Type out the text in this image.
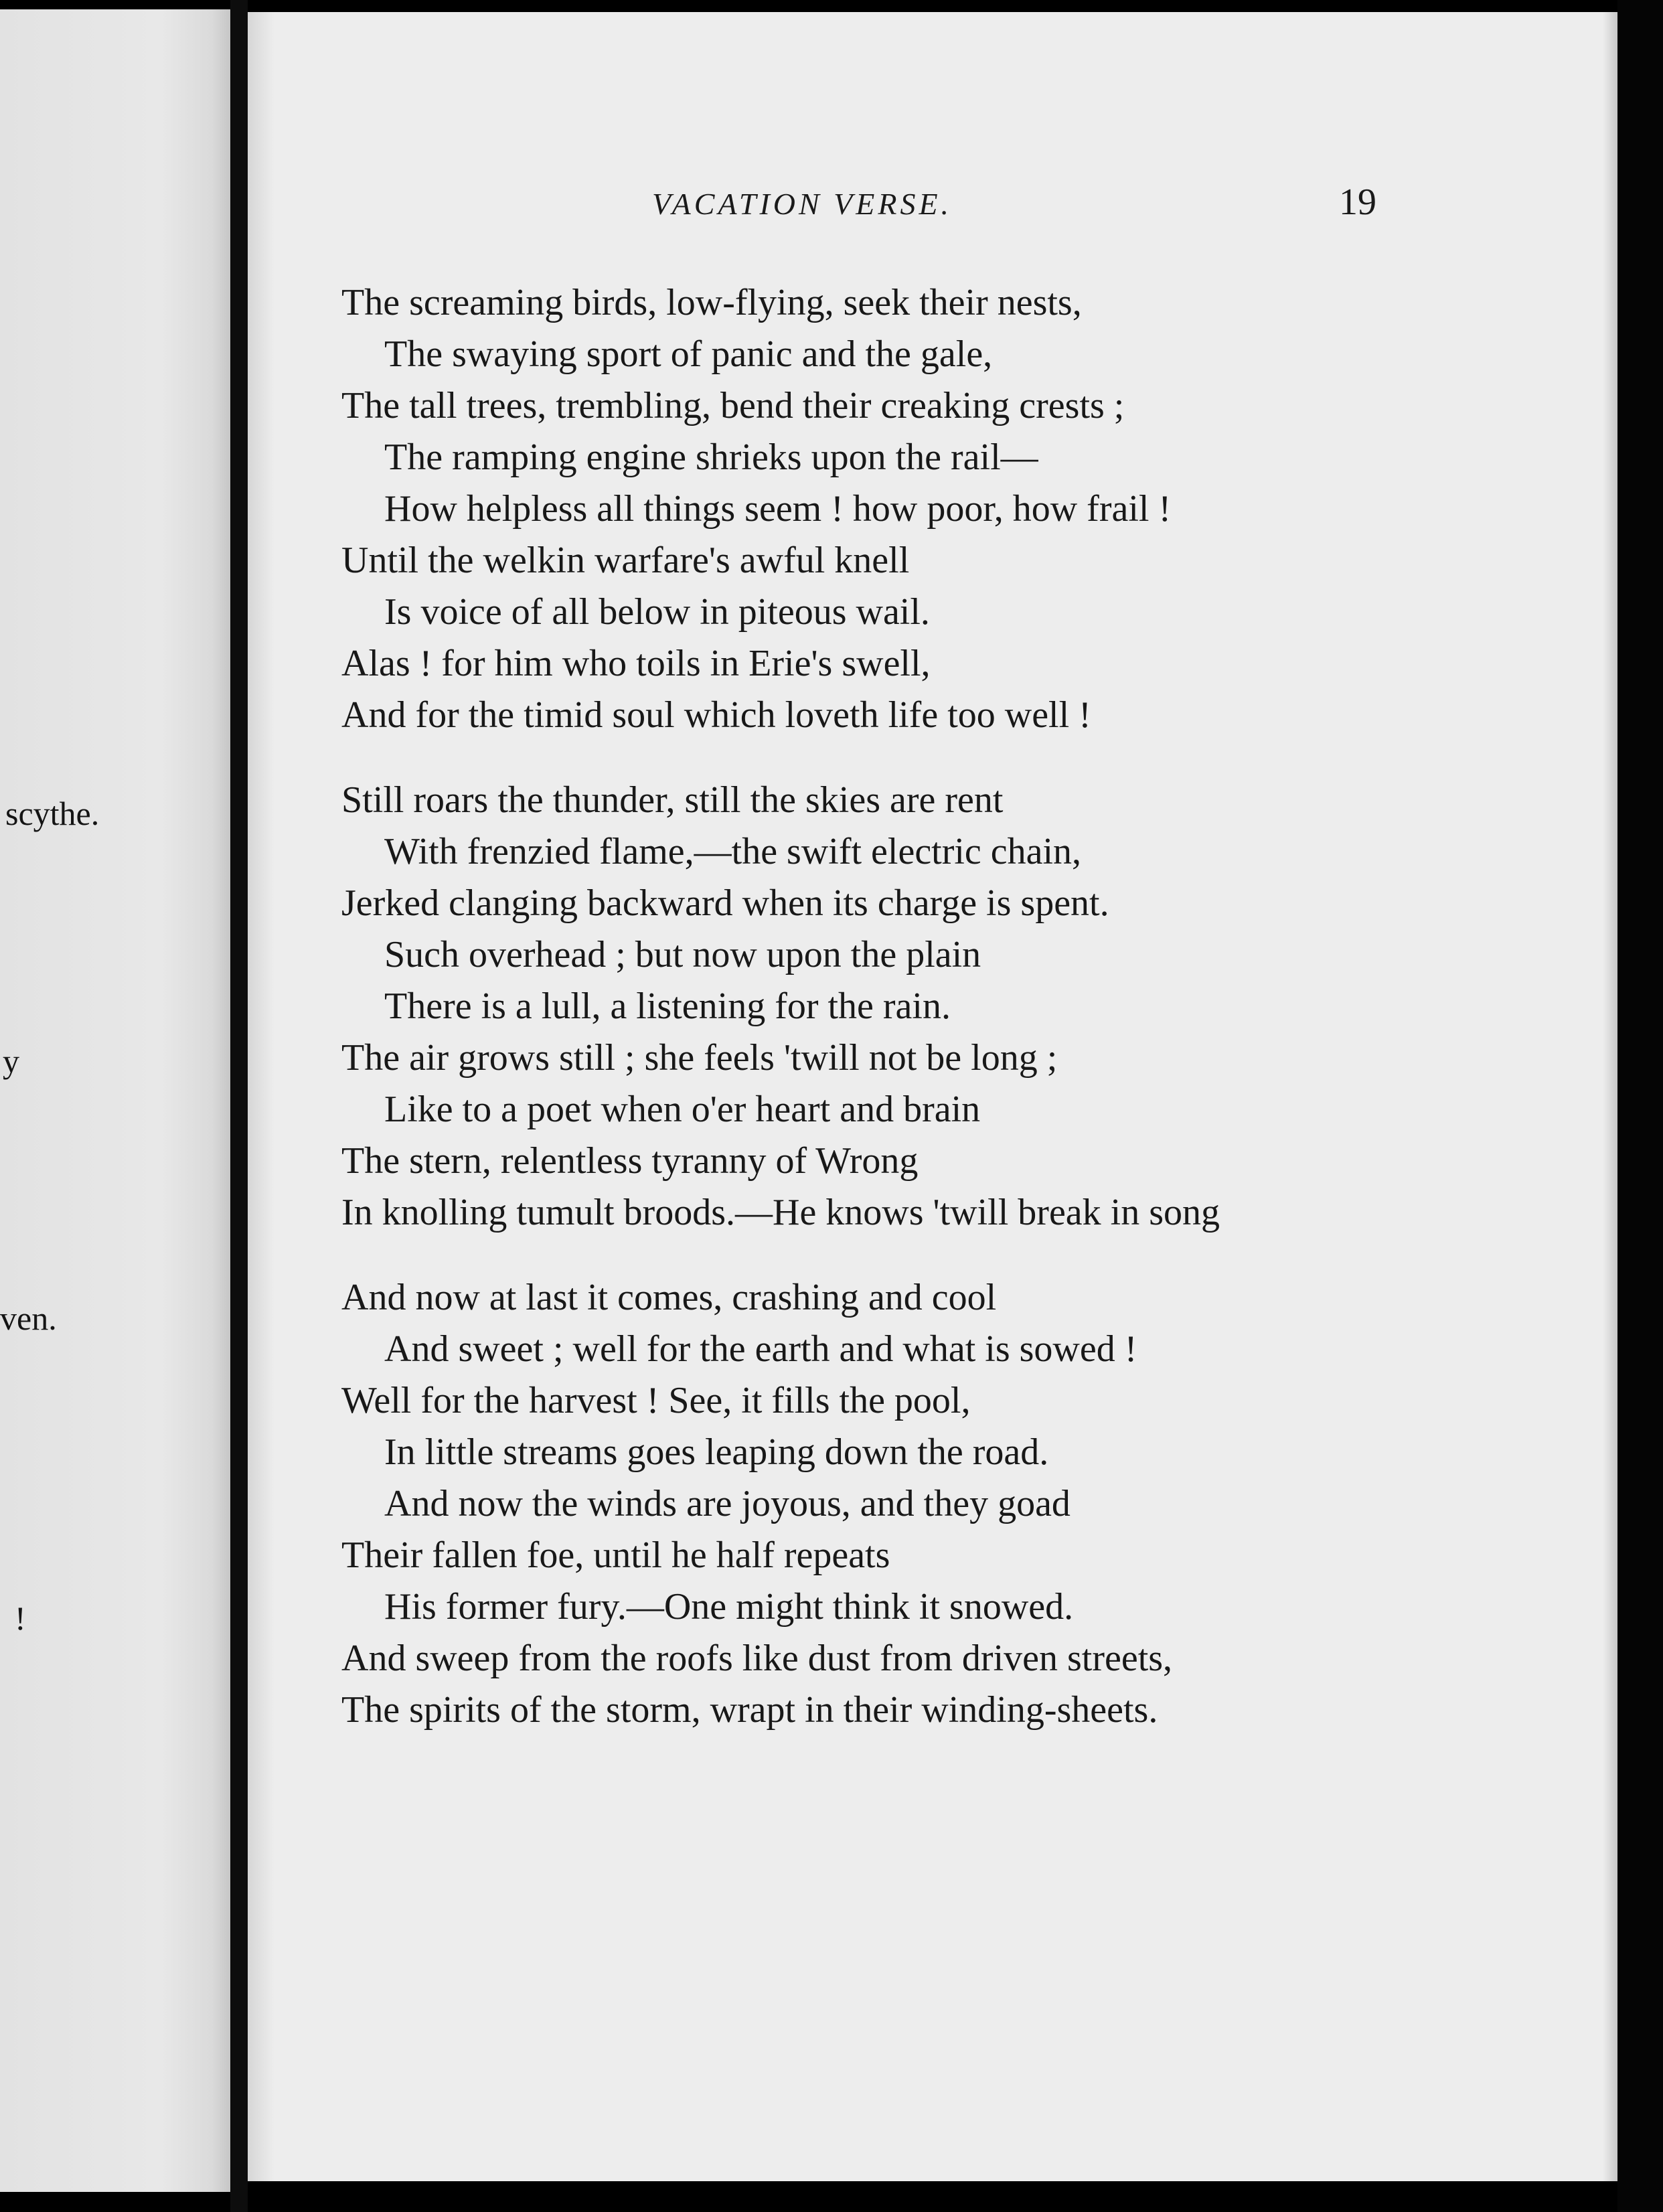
scythe.
y
ven.
!
VACATION VERSE.	19
The screaming birds, low-flying, seek their nests,
The swaying sport of panic and the gale,
The tall trees, trembling, bend their creaking crests ;
The ramping engine shrieks upon the rail—
How helpless all things seem ! how poor, how frail !
Until the welkin warfare's awful knell
Is voice of all below in piteous wail.
Alas ! for him who toils in Erie's swell,
And for the timid soul which loveth life too well !
Still roars the thunder, still the skies are rent
With frenzied flame,—the swift electric chain,
Jerked clanging backward when its charge is spent.
Such overhead ; but now upon the plain
There is a lull, a listening for the rain.
The air grows still ; she feels 'twill not be long ;
Like to a poet when o'er heart and brain
The stern, relentless tyranny of Wrong
In knolling tumult broods.—He knows 'twill break in song
And now at last it comes, crashing and cool
And sweet ; well for the earth and what is sowed !
Well for the harvest ! See, it fills the pool,
In little streams goes leaping down the road.
And now the winds are joyous, and they goad
Their fallen foe, until he half repeats
His former fury.—One might think it snowed.
And sweep from the roofs like dust from driven streets,
The spirits of the storm, wrapt in their winding-sheets.
